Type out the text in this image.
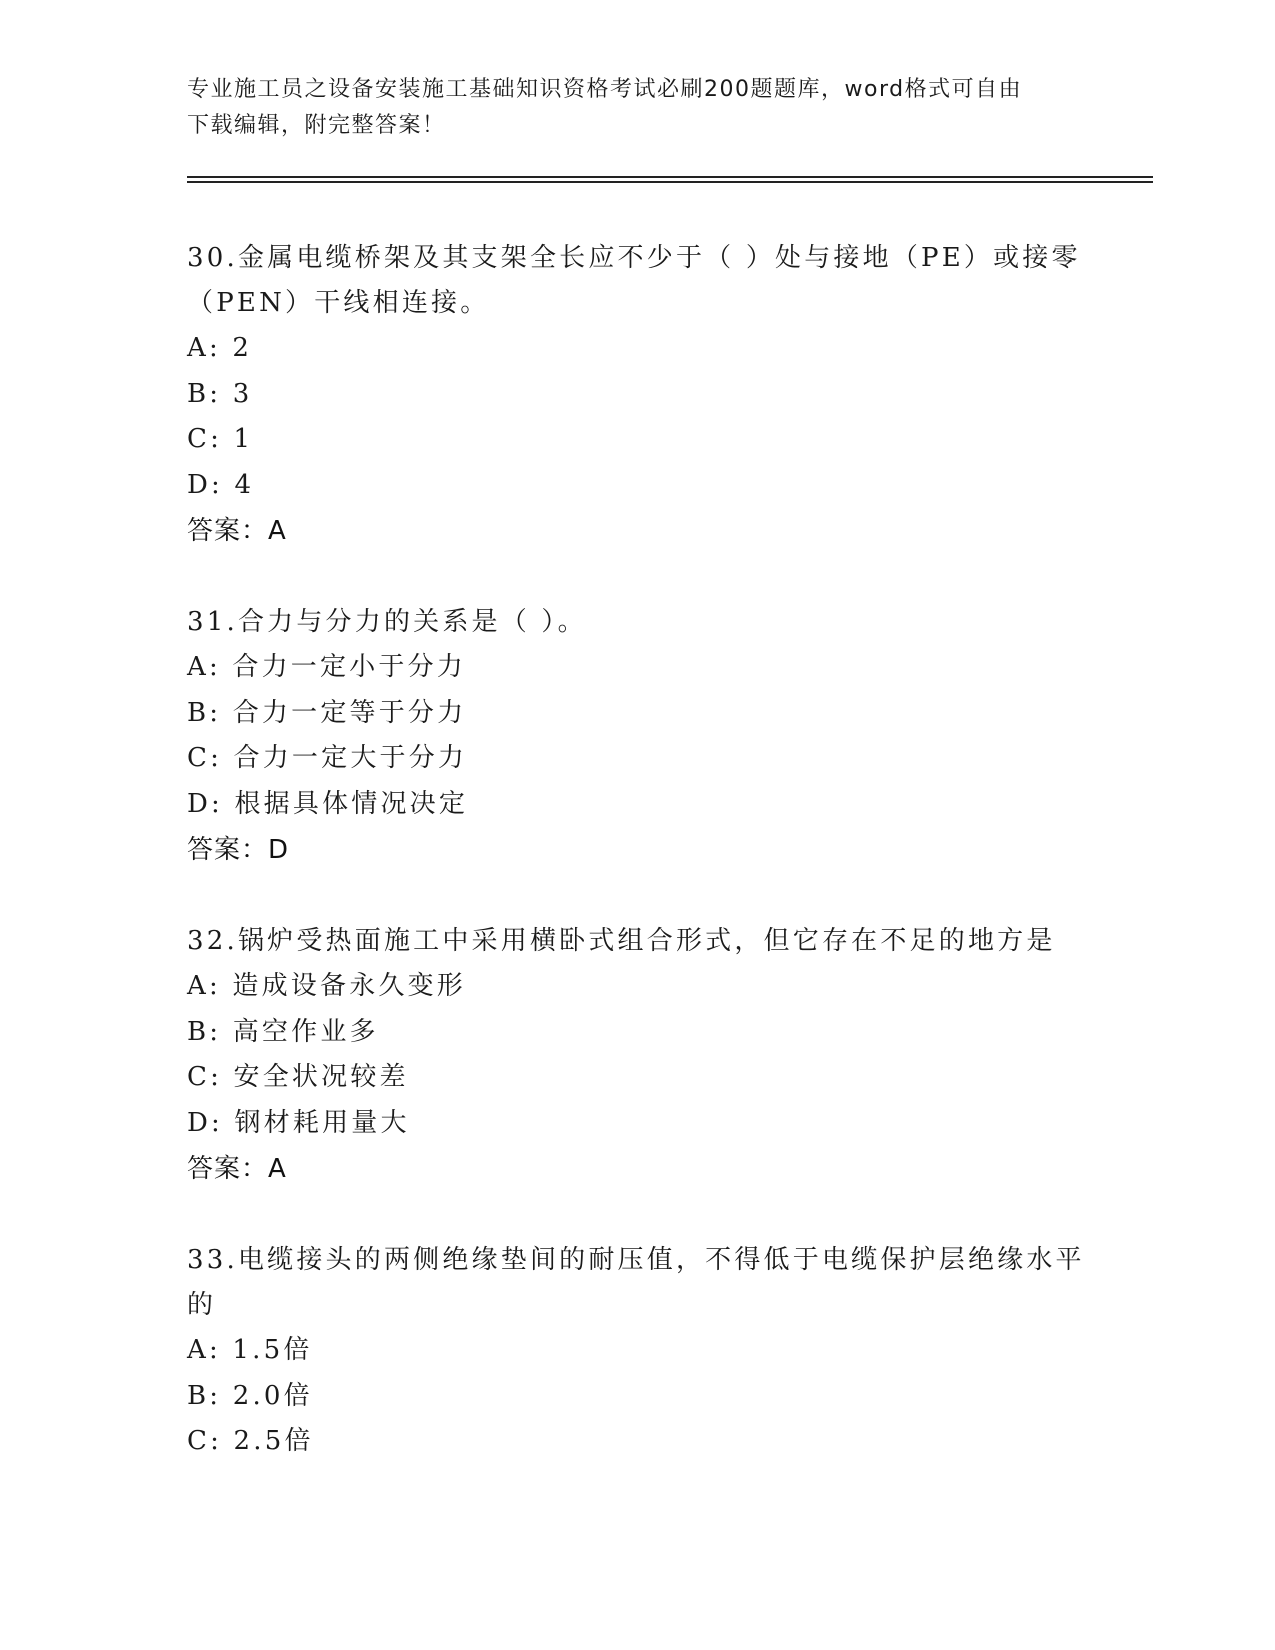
专业施工员之设备安装施工基础知识资格考试必刷200题题库，word格式可自由
下载编辑，附完整答案！
30.金属电缆桥架及其支架全长应不少于（ ）处与接地（PE）或接零
（PEN）干线相连接。
A: 2
B: 3
C: 1
D: 4
答案：A
31.合力与分力的关系是（ ）。
A: 合力一定小于分力
B: 合力一定等于分力
C: 合力一定大于分力
D: 根据具体情况决定
答案：D
32.锅炉受热面施工中采用横卧式组合形式，但它存在不足的地方是
A: 造成设备永久变形
B: 高空作业多
C: 安全状况较差
D: 钢材耗用量大
答案：A
33.电缆接头的两侧绝缘垫间的耐压值，不得低于电缆保护层绝缘水平
的
A: 1.5倍
B: 2.0倍
C: 2.5倍
